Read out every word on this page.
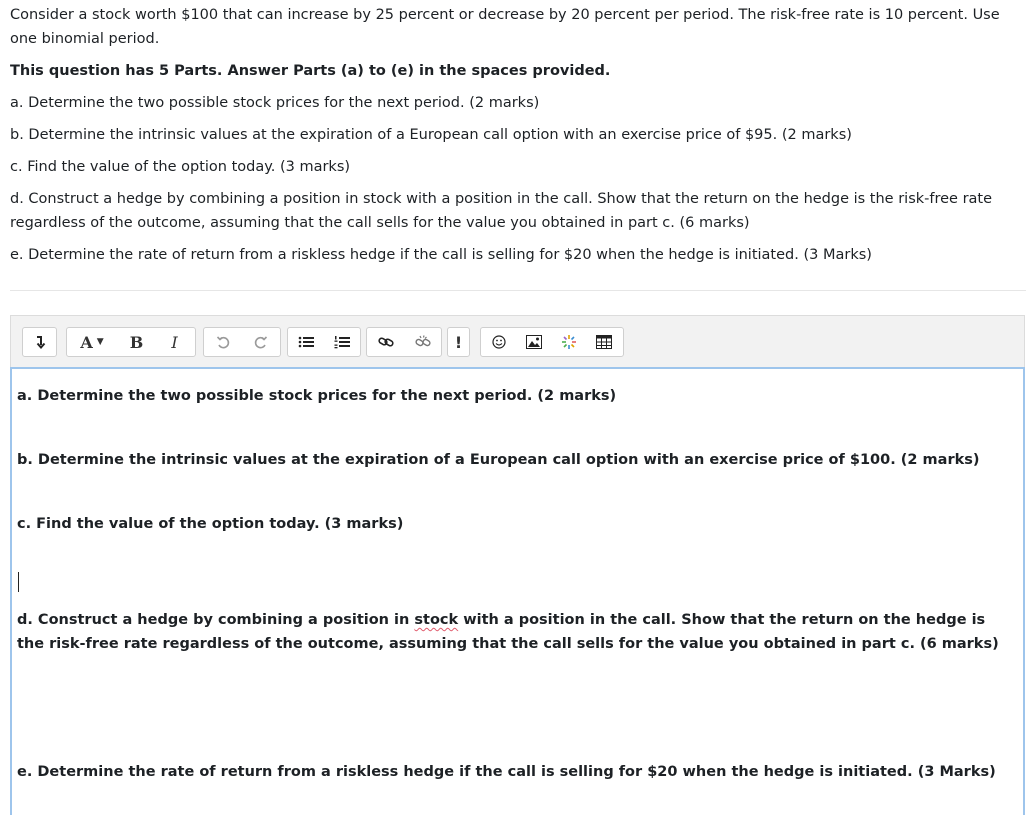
Consider a stock worth $100 that can increase by 25 percent or decrease by 20 percent per period. The risk-free rate is 10 percent. Use one binomial period.

This question has 5 Parts. Answer Parts (a) to (e) in the spaces provided.

a. Determine the two possible stock prices for the next period. (2 marks)

b. Determine the intrinsic values at the expiration of a European call option with an exercise price of $95. (2 marks)

c. Find the value of the option today. (3 marks)

d. Construct a hedge by combining a position in stock with a position in the call. Show that the return on the hedge is the risk-free rate regardless of the outcome, assuming that the call sells for the value you obtained in part c. (6 marks)

e. Determine the rate of return from a riskless hedge if the call is selling for $20 when the hedge is initiated. (3 Marks)

A ▼	B	I	!
a. Determine the two possible stock prices for the next period. (2 marks)
b. Determine the intrinsic values at the expiration of a European call option with an exercise price of $100. (2 marks)
c. Find the value of the option today. (3 marks)
d. Construct a hedge by combining a position in stock with a position in the call. Show that the return on the hedge is the risk-free rate regardless of the outcome, assuming that the call sells for the value you obtained in part c. (6 marks)
e. Determine the rate of return from a riskless hedge if the call is selling for $20 when the hedge is initiated. (3 Marks)
